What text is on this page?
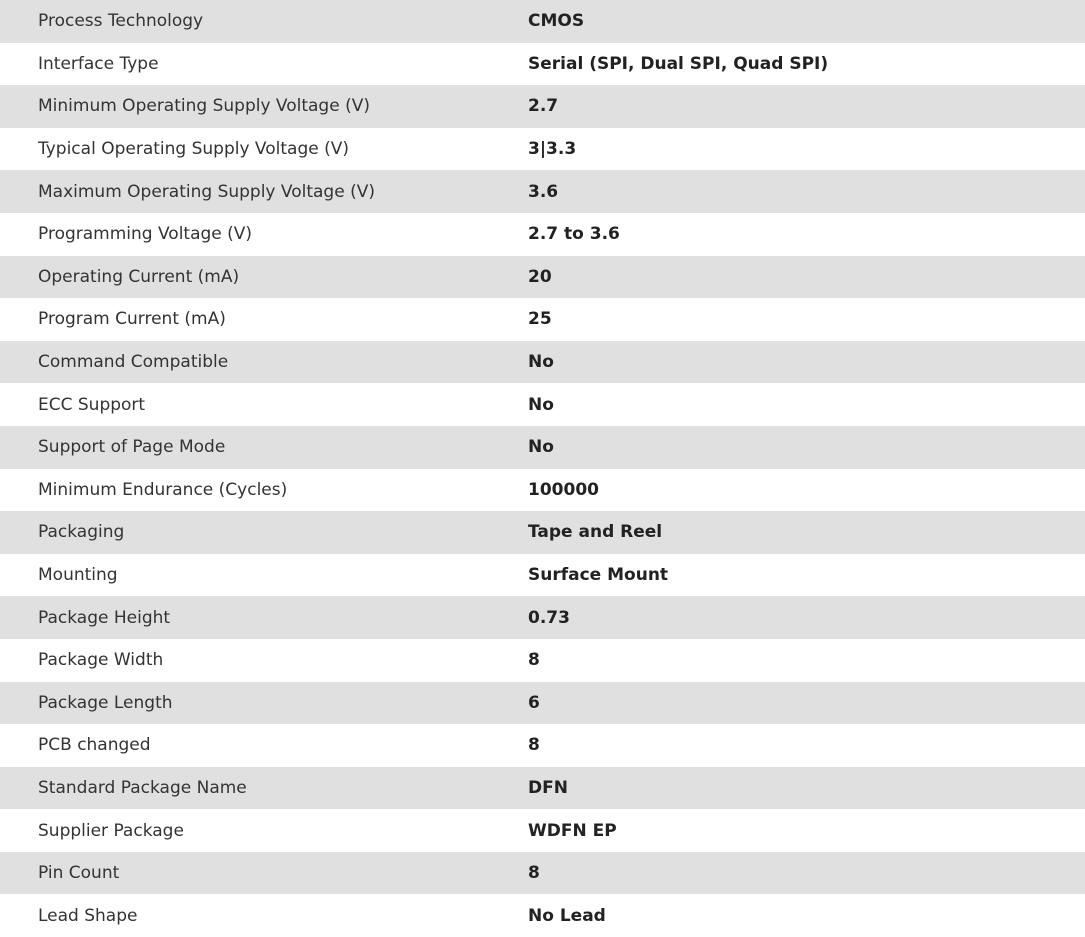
Process Technology	CMOS
Interface Type	Serial (SPI, Dual SPI, Quad SPI)
Minimum Operating Supply Voltage (V)	2.7
Typical Operating Supply Voltage (V)	3|3.3
Maximum Operating Supply Voltage (V)	3.6
Programming Voltage (V)	2.7 to 3.6
Operating Current (mA)	20
Program Current (mA)	25
Command Compatible	No
ECC Support	No
Support of Page Mode	No
Minimum Endurance (Cycles)	100000
Packaging	Tape and Reel
Mounting	Surface Mount
Package Height	0.73
Package Width	8
Package Length	6
PCB changed	8
Standard Package Name	DFN
Supplier Package	WDFN EP
Pin Count	8
Lead Shape	No Lead
